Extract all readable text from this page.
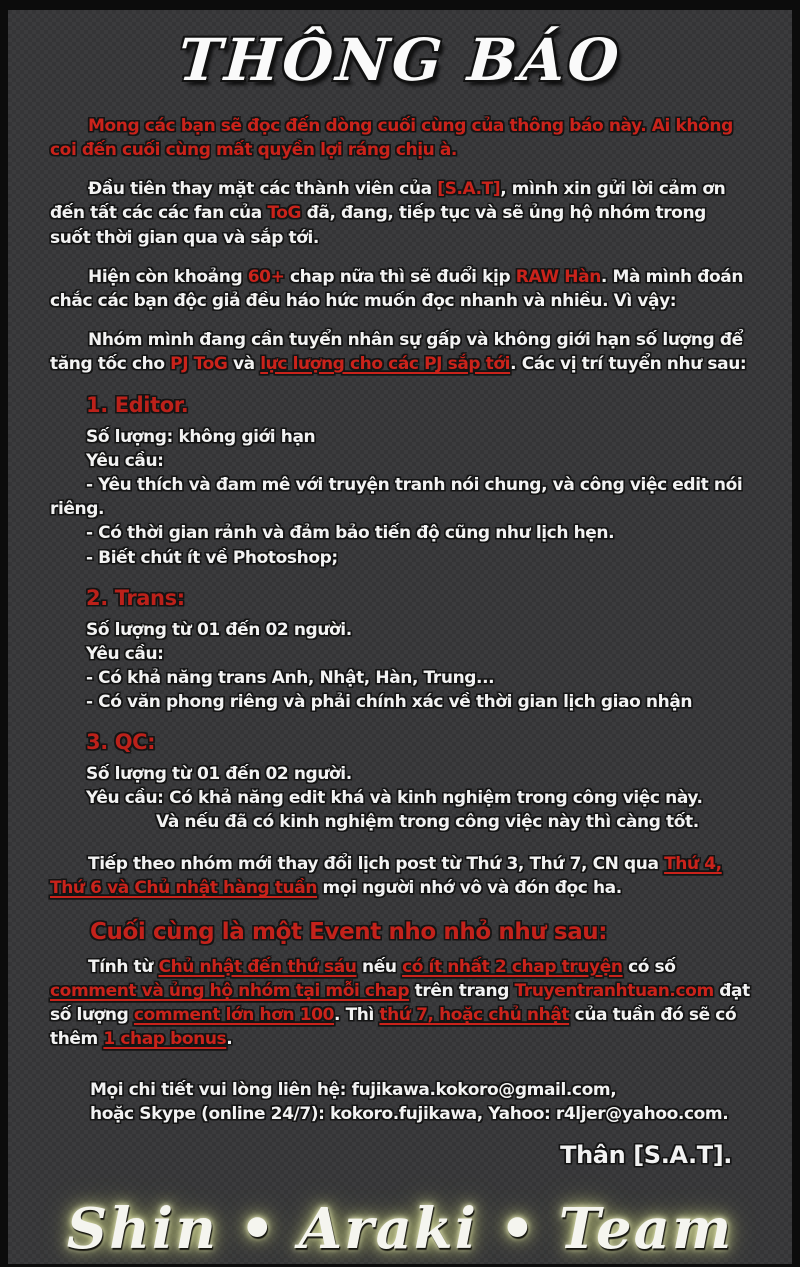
THÔNG BÁO
Mong các bạn sẽ đọc đến dòng cuối cùng của thông báo này. Ai không coi đến cuối cùng mất quyền lợi ráng chịu à.
Đầu tiên thay mặt các thành viên của [S.A.T], mình xin gửi lời cảm ơn đến tất các các fan của ToG đã, đang, tiếp tục và sẽ ủng hộ nhóm trong suốt thời gian qua và sắp tới.
Hiện còn khoảng 60+ chap nữa thì sẽ đuổi kịp RAW Hàn. Mà mình đoán chắc các bạn độc giả đều háo hức muốn đọc nhanh và nhiều. Vì vậy:
Nhóm mình đang cần tuyển nhân sự gấp và không giới hạn số lượng để tăng tốc cho PJ ToG và lực lượng cho các PJ sắp tới. Các vị trí tuyển như sau:
1. Editor.
Số lượng: không giới hạn
Yêu cầu:
- Yêu thích và đam mê với truyện tranh nói chung, và công việc edit nói riêng.
- Có thời gian rảnh và đảm bảo tiến độ cũng như lịch hẹn.
- Biết chút ít về Photoshop;
2. Trans:
Số lượng từ 01 đến 02 người.
Yêu cầu:
- Có khả năng trans Anh, Nhật, Hàn, Trung...
- Có văn phong riêng và phải chính xác về thời gian lịch giao nhận
3. QC:
Số lượng từ 01 đến 02 người.
Yêu cầu: Có khả năng edit khá và kinh nghiệm trong công việc này.
Và nếu đã có kinh nghiệm trong công việc này thì càng tốt.
Tiếp theo nhóm mới thay đổi lịch post từ Thứ 3, Thứ 7, CN qua Thứ 4, Thứ 6 và Chủ nhật hàng tuần mọi người nhớ vô và đón đọc ha.
Cuối cùng là một Event nho nhỏ như sau:
Tính từ Chủ nhật đến thứ sáu nếu có ít nhất 2 chap truyện có số comment và ủng hộ nhóm tại mỗi chap trên trang Truyentranhtuan.com đạt số lượng comment lớn hơn 100. Thì thứ 7, hoặc chủ nhật của tuần đó sẽ có thêm 1 chap bonus.
Mọi chi tiết vui lòng liên hệ: fujikawa.kokoro@gmail.com,
hoặc Skype (online 24/7): kokoro.fujikawa, Yahoo: r4ljer@yahoo.com.
Thân [S.A.T].
Shin • Araki • Team
